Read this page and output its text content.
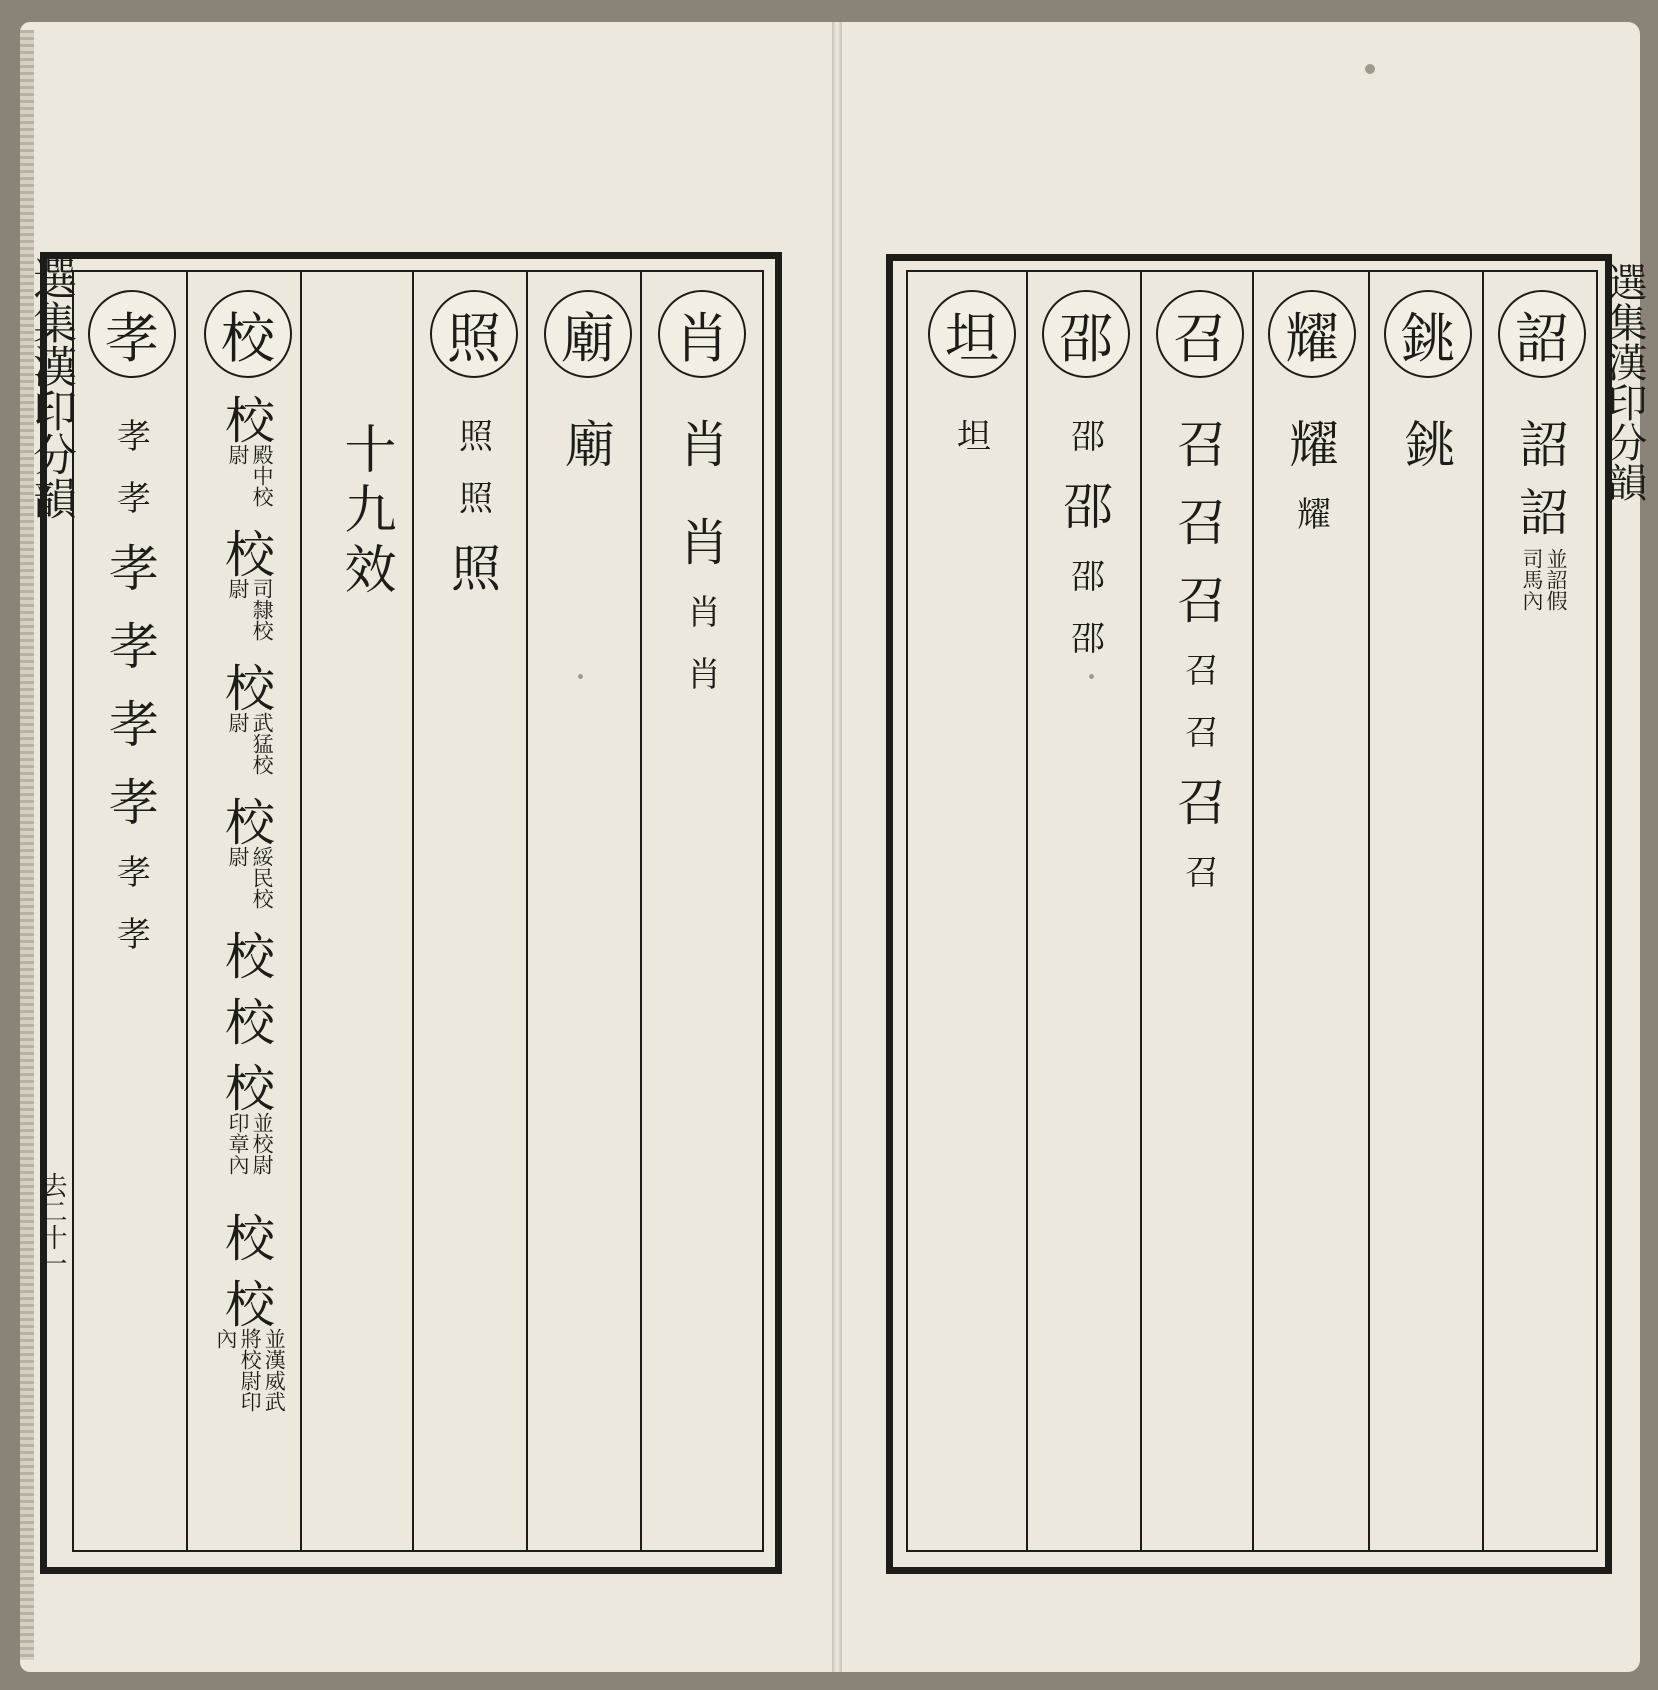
選集漢印分韻
去二十一
肖
肖
肖
肖
肖
廟
廟
照
照
照
照
十九效
校
校
殿中校尉
校
司隸校尉
校
武猛校尉
校
綏民校尉
校
校
校
並校尉印章內
校
校
並漢威武將校尉印內
孝
孝
孝
孝
孝
孝
孝
孝
孝
選集漢印分韻
詔
詔
詔
並詔假司馬內
銚
銚
耀
耀
耀
召
召
召
召
召
召
召
召
邵
邵
邵
邵
邵
坦
坦
